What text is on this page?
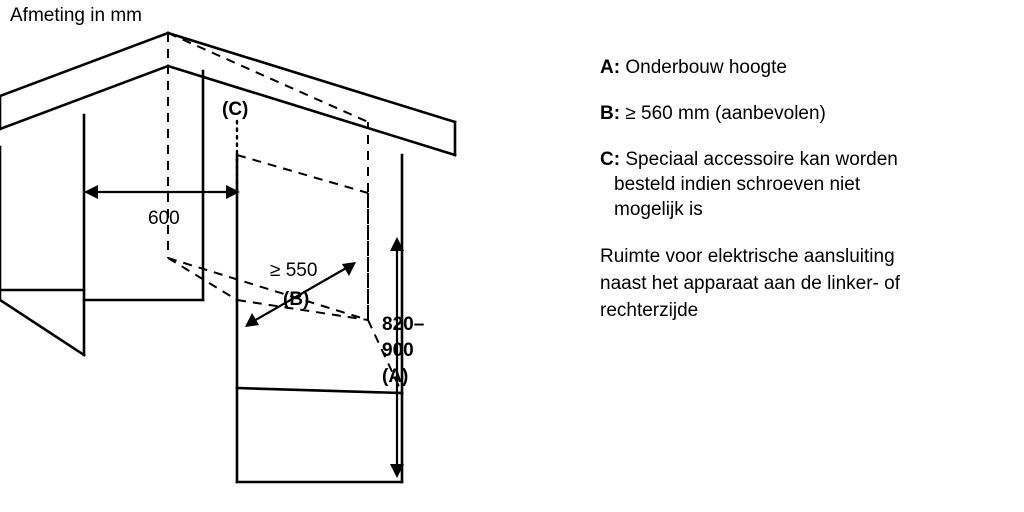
Afmeting in mm
600
≥ 550
(B)
(C)
820–
900
(A)
A: Onderbouw hoogte
B: ≥ 560 mm (aanbevolen)
C: Speciaal accessoire kan worden
besteld indien schroeven niet
mogelijk is
Ruimte voor elektrische aansluiting
naast het apparaat aan de linker- of
rechterzijde
